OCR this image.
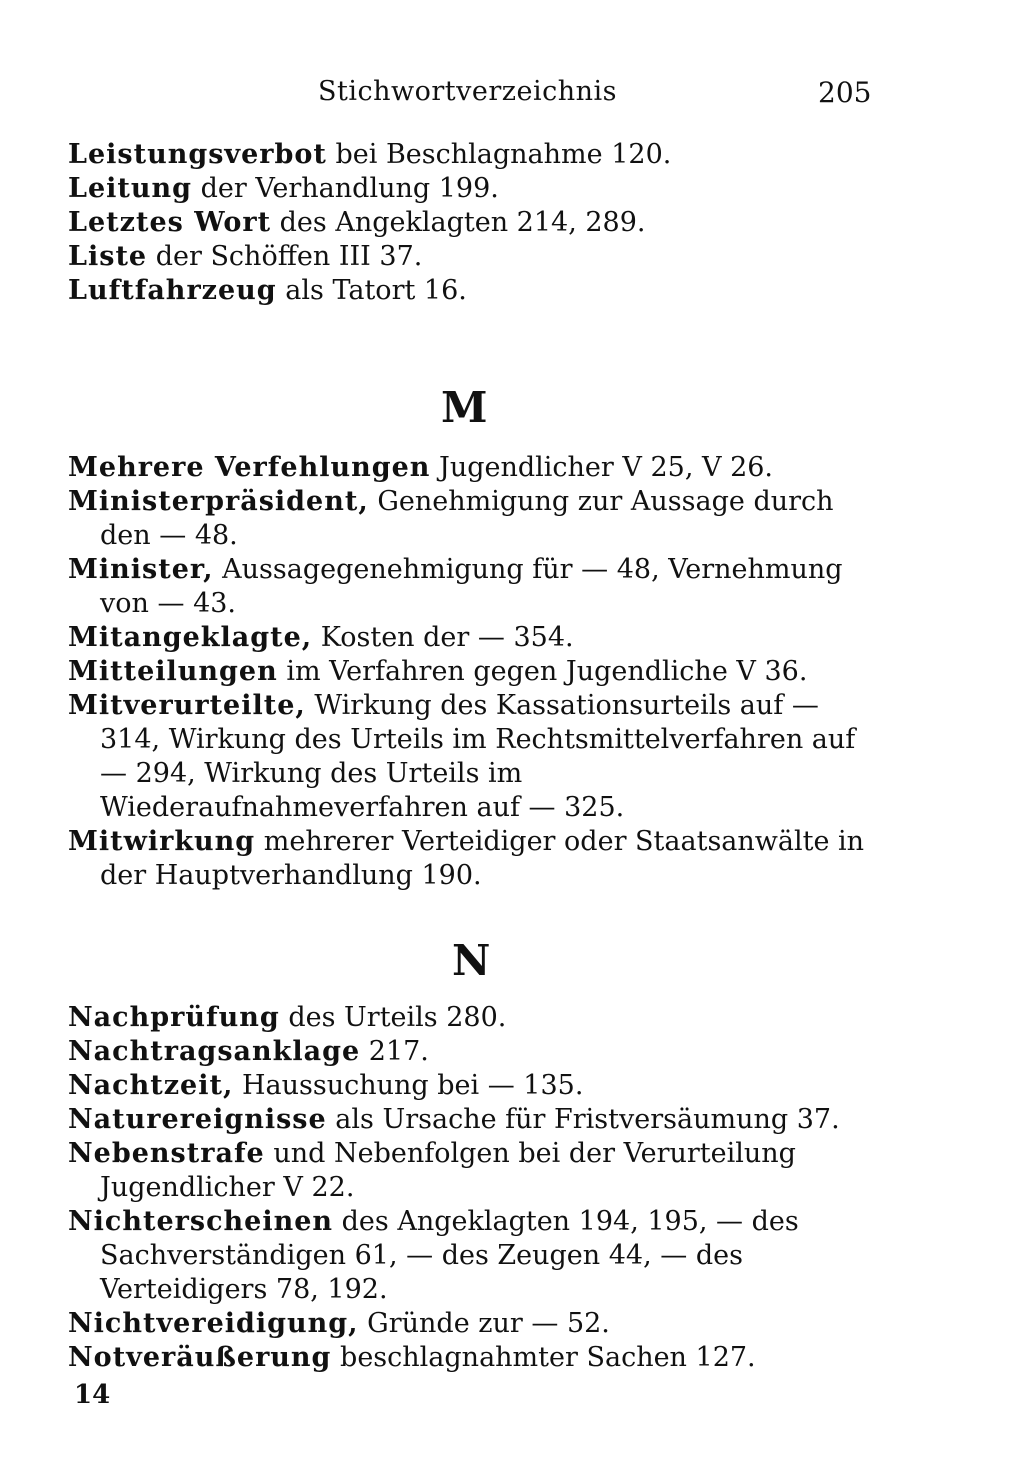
Stichwortverzeichnis	205
Leistungsverbot bei Beschlagnahme 120.
Leitung der Verhandlung 199.
Letztes Wort des Angeklagten 214, 289.
Liste der Schöffen III 37.
Luftfahrzeug als Tatort 16.
M
Mehrere Verfehlungen Jugendlicher V 25, V 26.
Ministerpräsident, Genehmigung zur Aussage durch den — 48.
Minister, Aussagegenehmigung für — 48, Vernehmung von — 43.
Mitangeklagte, Kosten der — 354.
Mitteilungen im Verfahren gegen Jugendliche V 36.
Mitverurteilte, Wirkung des Kassationsurteils auf — 314, Wirkung des Urteils im Rechtsmittelverfahren auf — 294, Wirkung des Urteils im Wiederaufnahmeverfahren auf — 325.
Mitwirkung mehrerer Verteidiger oder Staatsanwälte in der Hauptverhandlung 190.
N
Nachprüfung des Urteils 280.
Nachtragsanklage 217.
Nachtzeit, Haussuchung bei — 135.
Naturereignisse als Ursache für Fristversäumung 37.
Nebenstrafe und Nebenfolgen bei der Verurteilung Jugendlicher V 22.
Nichterscheinen des Angeklagten 194, 195, — des Sachverständigen 61, — des Zeugen 44, — des Verteidigers 78, 192.
Nichtvereidigung, Gründe zur — 52.
Notveräußerung beschlagnahmter Sachen 127.
14
